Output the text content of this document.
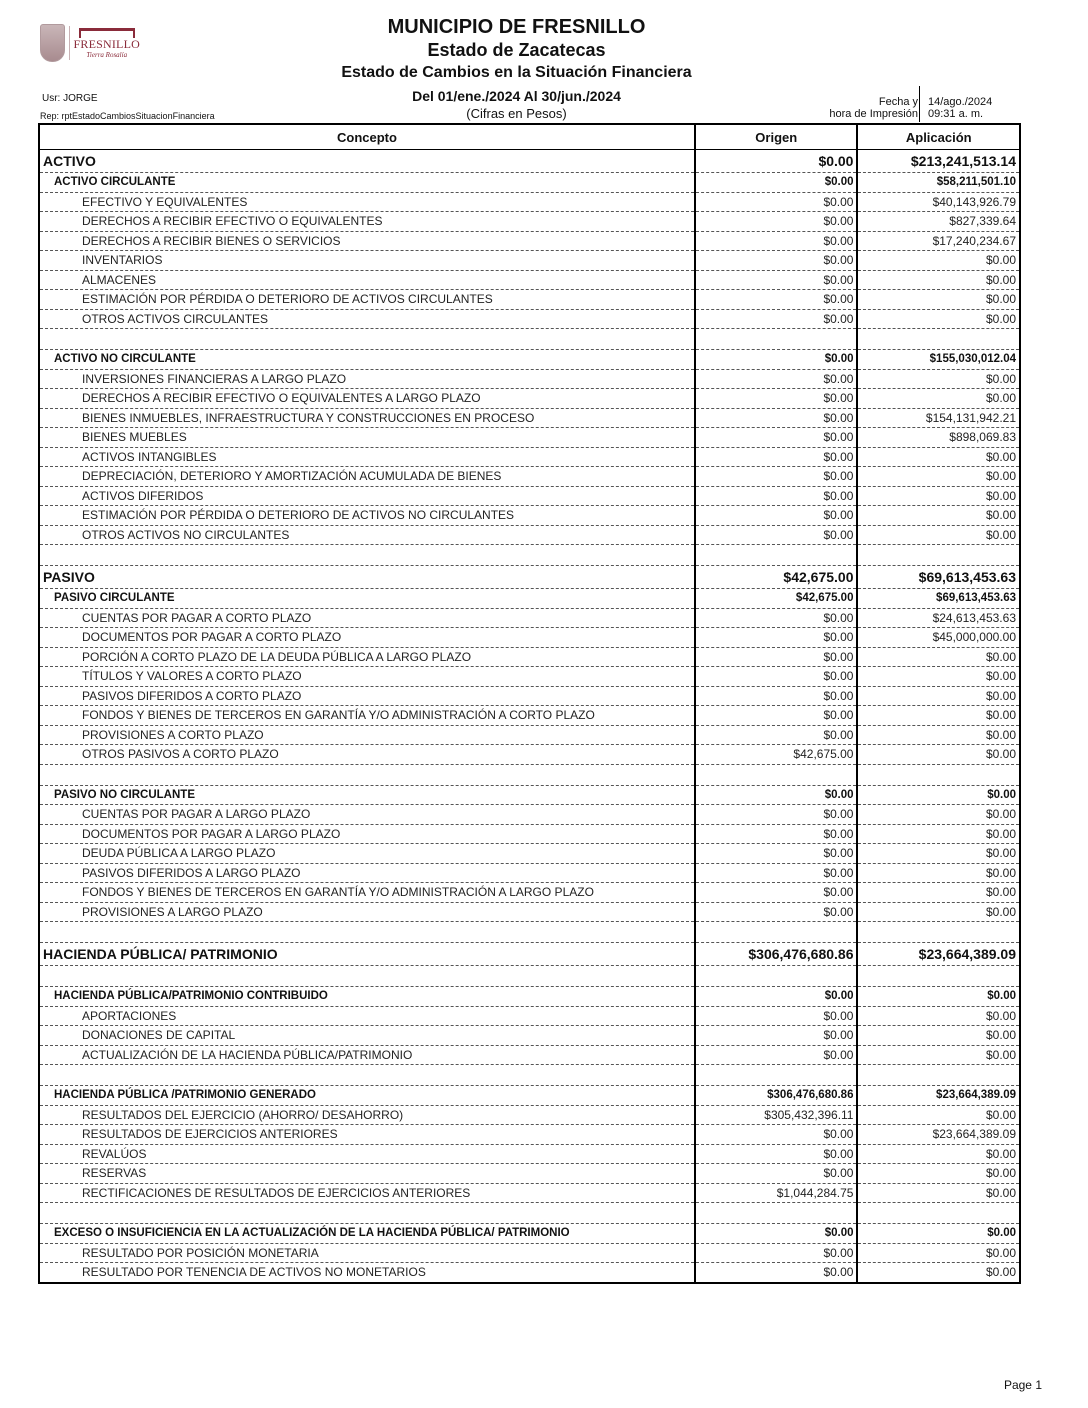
FRESNILLO
Tierra Rosalía
MUNICIPIO DE FRESNILLO
Estado de Zacatecas
Estado de Cambios en la Situación Financiera
Del 01/ene./2024 Al 30/jun./2024
(Cifras en Pesos)
Usr: JORGE
Rep: rptEstadoCambiosSituacionFinanciera
Fecha y
hora de Impresión
14/ago./2024
09:31 a. m.
Concepto	Origen	Aplicación
ACTIVO	$0.00	$213,241,513.14
ACTIVO CIRCULANTE	$0.00	$58,211,501.10
EFECTIVO Y EQUIVALENTES	$0.00	$40,143,926.79
DERECHOS A RECIBIR EFECTIVO O EQUIVALENTES	$0.00	$827,339.64
DERECHOS A RECIBIR BIENES O SERVICIOS	$0.00	$17,240,234.67
INVENTARIOS	$0.00	$0.00
ALMACENES	$0.00	$0.00
ESTIMACIÓN POR PÉRDIDA O DETERIORO DE ACTIVOS CIRCULANTES	$0.00	$0.00
OTROS ACTIVOS CIRCULANTES	$0.00	$0.00

ACTIVO NO CIRCULANTE	$0.00	$155,030,012.04
INVERSIONES FINANCIERAS A LARGO PLAZO	$0.00	$0.00
DERECHOS A RECIBIR EFECTIVO O EQUIVALENTES A LARGO PLAZO	$0.00	$0.00
BIENES INMUEBLES, INFRAESTRUCTURA Y CONSTRUCCIONES EN PROCESO	$0.00	$154,131,942.21
BIENES MUEBLES	$0.00	$898,069.83
ACTIVOS INTANGIBLES	$0.00	$0.00
DEPRECIACIÓN, DETERIORO Y AMORTIZACIÓN ACUMULADA DE BIENES	$0.00	$0.00
ACTIVOS DIFERIDOS	$0.00	$0.00
ESTIMACIÓN POR PÉRDIDA O DETERIORO DE ACTIVOS NO CIRCULANTES	$0.00	$0.00
OTROS ACTIVOS NO CIRCULANTES	$0.00	$0.00

PASIVO	$42,675.00	$69,613,453.63
PASIVO CIRCULANTE	$42,675.00	$69,613,453.63
CUENTAS POR PAGAR A CORTO PLAZO	$0.00	$24,613,453.63
DOCUMENTOS POR PAGAR A CORTO PLAZO	$0.00	$45,000,000.00
PORCIÓN A CORTO PLAZO DE LA DEUDA PÚBLICA A LARGO PLAZO	$0.00	$0.00
TÍTULOS Y VALORES A CORTO PLAZO	$0.00	$0.00
PASIVOS DIFERIDOS A CORTO PLAZO	$0.00	$0.00
FONDOS Y BIENES DE TERCEROS EN GARANTÍA Y/O ADMINISTRACIÓN A CORTO PLAZO	$0.00	$0.00
PROVISIONES A CORTO PLAZO	$0.00	$0.00
OTROS PASIVOS A CORTO PLAZO	$42,675.00	$0.00

PASIVO NO CIRCULANTE	$0.00	$0.00
CUENTAS POR PAGAR A LARGO PLAZO	$0.00	$0.00
DOCUMENTOS POR PAGAR A LARGO PLAZO	$0.00	$0.00
DEUDA PÚBLICA A LARGO PLAZO	$0.00	$0.00
PASIVOS DIFERIDOS A LARGO PLAZO	$0.00	$0.00
FONDOS Y BIENES DE TERCEROS EN GARANTÍA Y/O ADMINISTRACIÓN A LARGO PLAZO	$0.00	$0.00
PROVISIONES A LARGO PLAZO	$0.00	$0.00

HACIENDA PÚBLICA/ PATRIMONIO	$306,476,680.86	$23,664,389.09

HACIENDA PÚBLICA/PATRIMONIO CONTRIBUIDO	$0.00	$0.00
APORTACIONES	$0.00	$0.00
DONACIONES DE CAPITAL	$0.00	$0.00
ACTUALIZACIÓN DE LA HACIENDA PÚBLICA/PATRIMONIO	$0.00	$0.00

HACIENDA PÚBLICA /PATRIMONIO GENERADO	$306,476,680.86	$23,664,389.09
RESULTADOS DEL EJERCICIO (AHORRO/ DESAHORRO)	$305,432,396.11	$0.00
RESULTADOS DE EJERCICIOS ANTERIORES	$0.00	$23,664,389.09
REVALÚOS	$0.00	$0.00
RESERVAS	$0.00	$0.00
RECTIFICACIONES DE RESULTADOS DE EJERCICIOS ANTERIORES	$1,044,284.75	$0.00

EXCESO O INSUFICIENCIA EN LA ACTUALIZACIÓN DE LA HACIENDA PÚBLICA/ PATRIMONIO	$0.00	$0.00
RESULTADO POR POSICIÓN MONETARIA	$0.00	$0.00
RESULTADO POR TENENCIA DE ACTIVOS NO MONETARIOS	$0.00	$0.00
Page 1
